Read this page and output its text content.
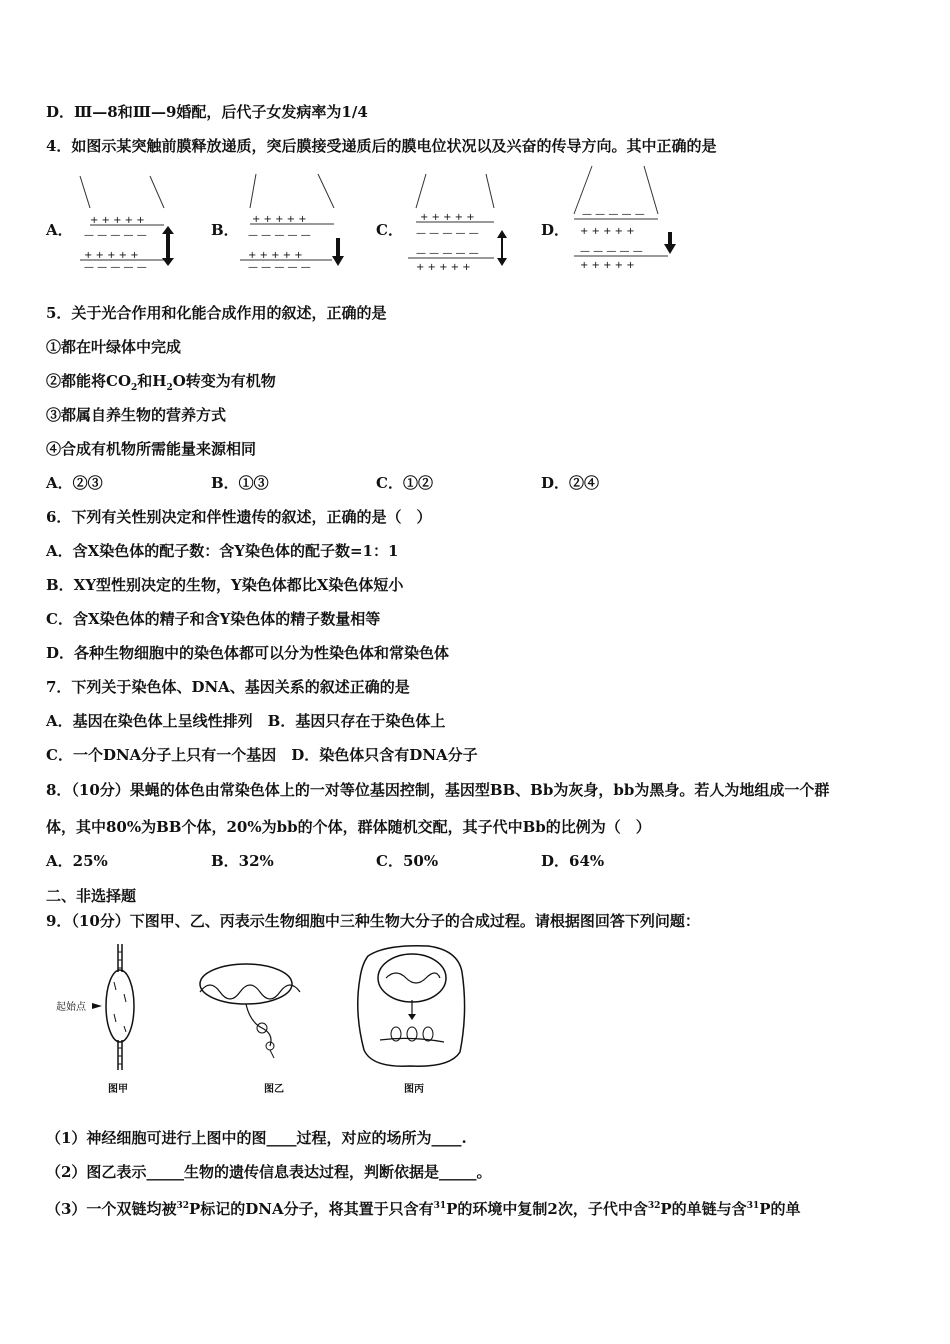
D．Ⅲ—8和Ⅲ—9婚配，后代子女发病率为1/4
4．如图示某突触前膜释放递质，突后膜接受递质后的膜电位状况以及兴奋的传导方向。其中正确的是
A．
+ + + + +
— — — — —
+ + + + +
— — — — —
B．
+ + + + +
— — — — —
+ + + + +
— — — — —
C．
+ + + + +
— — — — —
— — — — —
+ + + + +
D．
— — — — —
+ + + + +
— — — — —
+ + + + +
5．关于光合作用和化能合成作用的叙述，正确的是
①都在叶绿体中完成
②都能将$CO_2$和$H_2O$转变为有机物
③都属自养生物的营养方式
④合成有机物所需能量来源相同
A．②③	B．①③	C．①②	D．②④
6．下列有关性别决定和伴性遗传的叙述，正确的是（　）
A．含X染色体的配子数：含Y染色体的配子数=1：1
B．XY型性别决定的生物，Y染色体都比X染色体短小
C．含X染色体的精子和含Y染色体的精子数量相等
D．各种生物细胞中的染色体都可以分为性染色体和常染色体
7．下列关于染色体、DNA、基因关系的叙述正确的是
A．基因在染色体上呈线性排列　B．基因只存在于染色体上
C．一个DNA分子上只有一个基因　D．染色体只含有DNA分子
8．（10分）果蝇的体色由常染色体上的一对等位基因控制，基因型BB、Bb为灰身，bb为黑身。若人为地组成一个群
体，其中80%为BB个体，20%为bb的个体，群体随机交配，其子代中Bb的比例为（　）
A．25%	B．32%	C．50%	D．64%
二、非选择题
9．（10分）下图甲、乙、丙表示生物细胞中三种生物大分子的合成过程。请根据图回答下列问题：
起始点
图甲	图乙	图丙
（1）神经细胞可进行上图中的图____过程，对应的场所为____.
（2）图乙表示_____生物的遗传信息表达过程，判断依据是_____。
（3）一个双链均被$^{32}$P标记的DNA分子，将其置于只含有$^{31}$P的环境中复制2次，子代中含$^{32}$P的单链与含$^{31}$P的单
